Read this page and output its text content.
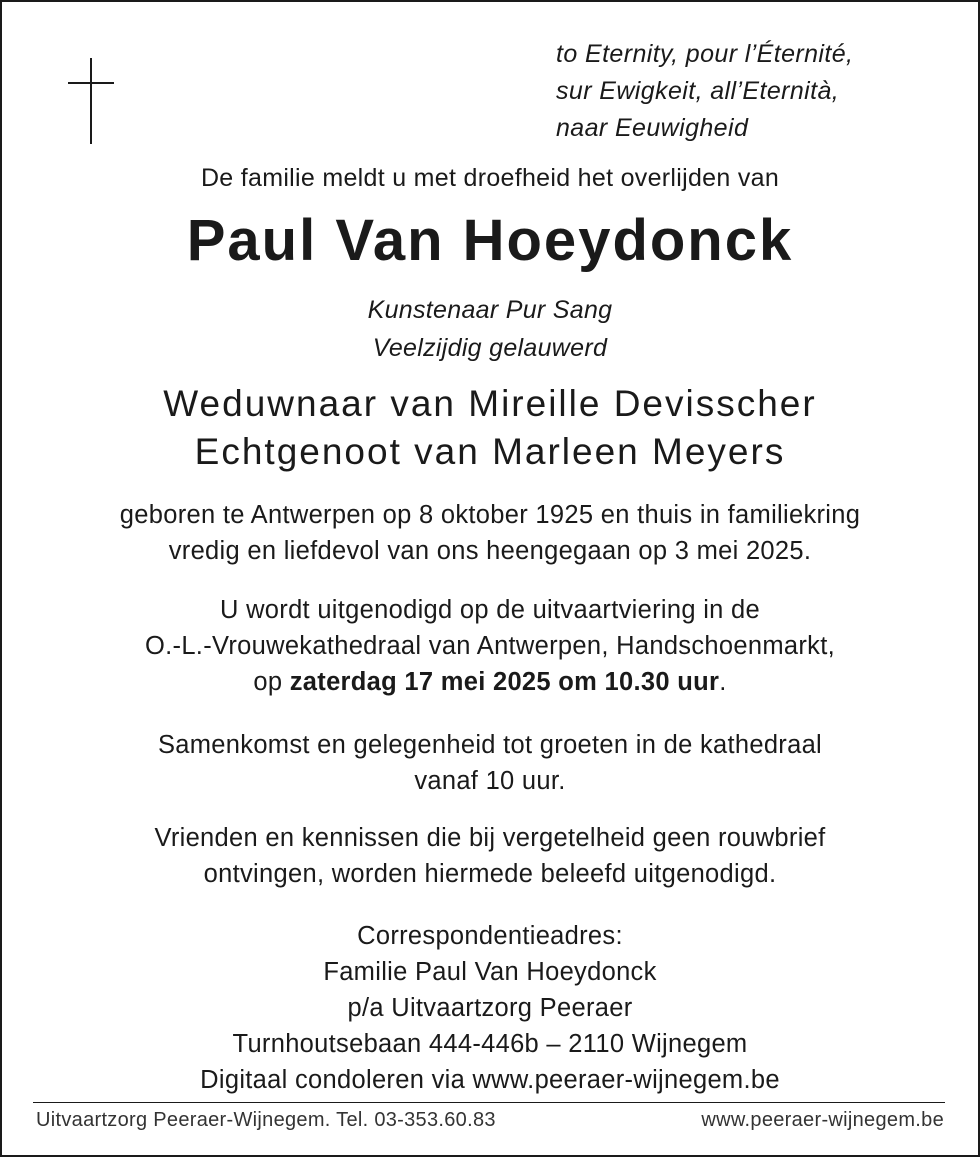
to Eternity, pour l’Éternité,
sur Ewigkeit, all’Eternità,
naar Eeuwigheid
De familie meldt u met droefheid het overlijden van
Paul Van Hoeydonck
Kunstenaar Pur Sang
Veelzijdig gelauwerd
Weduwnaar van Mireille Devisscher
Echtgenoot van Marleen Meyers
geboren te Antwerpen op 8 oktober 1925 en thuis in familiekring
vredig en liefdevol van ons heengegaan op 3 mei 2025.
U wordt uitgenodigd op de uitvaartviering in de
O.-L.-Vrouwekathedraal van Antwerpen, Handschoenmarkt,
op zaterdag 17 mei 2025 om 10.30 uur.
Samenkomst en gelegenheid tot groeten in de kathedraal
vanaf 10 uur.
Vrienden en kennissen die bij vergetelheid geen rouwbrief
ontvingen, worden hiermede beleefd uitgenodigd.
Correspondentieadres:
Familie Paul Van Hoeydonck
p/a Uitvaartzorg Peeraer
Turnhoutsebaan 444-446b – 2110 Wijnegem
Digitaal condoleren via www.peeraer-wijnegem.be
Uitvaartzorg Peeraer-Wijnegem. Tel. 03-353.60.83	www.peeraer-wijnegem.be
